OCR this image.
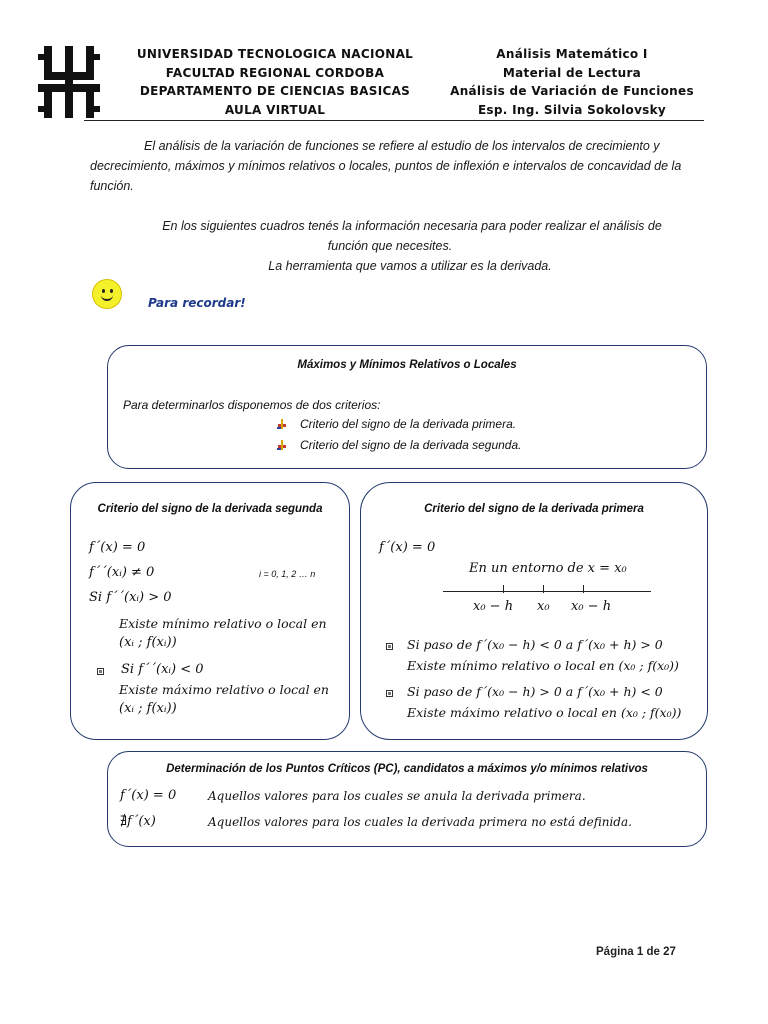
UNIVERSIDAD TECNOLOGICA NACIONAL
FACULTAD REGIONAL CORDOBA
DEPARTAMENTO DE CIENCIAS BASICAS
AULA VIRTUAL
Análisis Matemático I
Material de Lectura
Análisis de Variación de Funciones
Esp. Ing. Silvia Sokolovsky
El análisis de la variación de funciones se refiere al estudio de los intervalos de crecimiento y decrecimiento, máximos y mínimos relativos o locales, puntos de inflexión e intervalos de concavidad de la función.
En los siguientes cuadros tenés la información necesaria para poder realizar el análisis de
función que necesites.
La herramienta que vamos a utilizar es la derivada.
Para recordar!
Máximos y Mínimos Relativos o Locales
Para determinarlos disponemos de dos criterios:
Criterio del signo de la derivada primera.
Criterio del signo de la derivada segunda.
Criterio del signo de la derivada segunda
f´(x) = 0
f´´(xᵢ) ≠ 0	i = 0, 1, 2 … n
Si f´´(xᵢ) > 0
Existe mínimo relativo o local en
(xᵢ ; f(xᵢ))
Si f´´(xᵢ) < 0
Existe máximo relativo o local en
(xᵢ ; f(xᵢ))
Criterio del signo de la derivada primera
f´(x) = 0
En un entorno de x = x₀
x₀ − h x₀ x₀ − h
Si paso de f´(x₀ − h) < 0 a f´(x₀ + h) > 0
Existe mínimo relativo o local en (x₀ ; f(x₀))
Si paso de f´(x₀ − h) > 0 a f´(x₀ + h) < 0
Existe máximo relativo o local en (x₀ ; f(x₀))
Determinación de los Puntos Críticos (PC), candidatos a máximos y/o mínimos relativos
f´(x) = 0	Aquellos valores para los cuales se anula la derivada primera.
∄f´(x)	Aquellos valores para los cuales la derivada primera no está definida.
Página 1 de 27
